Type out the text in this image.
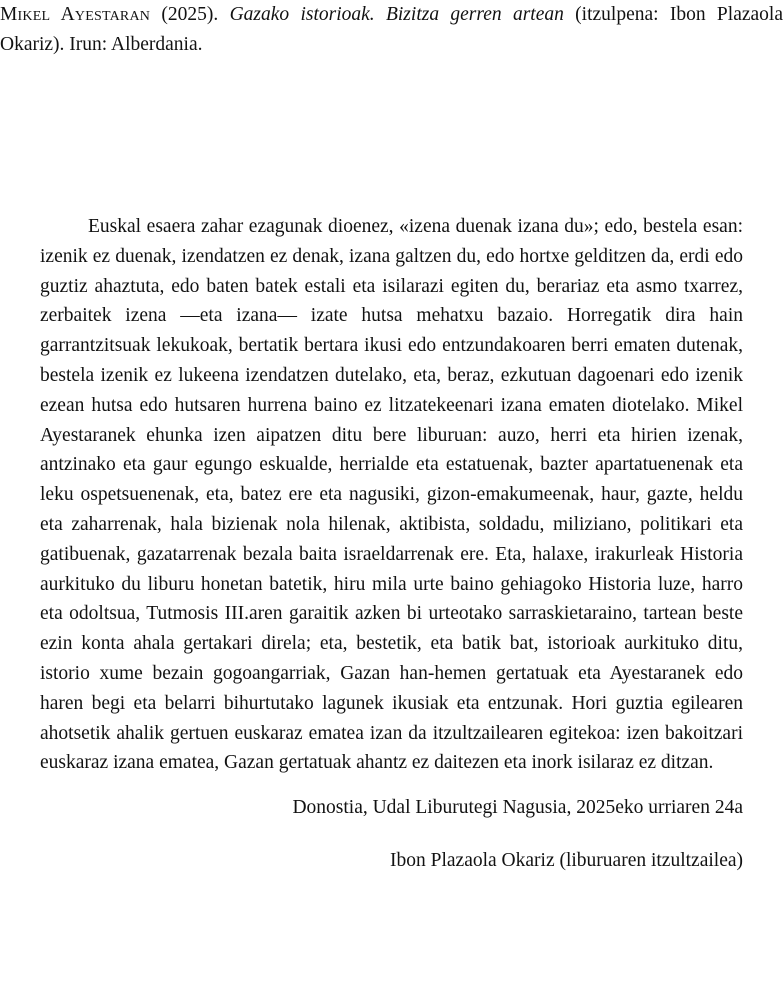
Mikel Ayestaran (2025). Gazako istorioak. Bizitza gerren artean (itzulpena: Ibon Plazaola Okariz). Irun: Alberdania.

Euskal esaera zahar ezagunak dioenez, «izena duenak izana du»; edo, bestela esan: izenik ez duenak, izendatzen ez denak, izana galtzen du, edo hortxe gelditzen da, erdi edo guztiz ahaztuta, edo baten batek estali eta isilarazi egiten du, berariaz eta asmo txarrez, zerbaitek izena —eta izana— izate hutsa mehatxu bazaio. Horregatik dira hain garrantzitsuak lekukoak, bertatik bertara ikusi edo entzundakoaren berri ematen dutenak, bestela izenik ez lukeena izendatzen dutelako, eta, beraz, ezkutuan dagoenari edo izenik ezean hutsa edo hutsaren hurrena baino ez litzatekeenari izana ematen diotelako. Mikel Ayestaranek ehunka izen aipatzen ditu bere liburuan: auzo, herri eta hirien izenak, antzinako eta gaur egungo eskualde, herrialde eta estatuenak, bazter apartatuenenak eta leku ospetsuenenak, eta, batez ere eta nagusiki, gizon-emakumeenak, haur, gazte, heldu eta zaharrenak, hala bizienak nola hilenak, aktibista, soldadu, miliziano, politikari eta gatibuenak, gazatarrenak bezala baita israeldarrenak ere. Eta, halaxe, irakurleak Historia aurkituko du liburu honetan batetik, hiru mila urte baino gehiagoko Historia luze, harro eta odoltsua, Tutmosis III.aren garaitik azken bi urteotako sarraskietaraino, tartean beste ezin konta ahala gertakari direla; eta, bestetik, eta batik bat, istorioak aurkituko ditu, istorio xume bezain gogoangarriak, Gazan han-hemen gertatuak eta Ayestaranek edo haren begi eta belarri bihurtutako lagunek ikusiak eta entzunak. Hori guztia egilearen ahotsetik ahalik gertuen euskaraz ematea izan da itzultzailearen egitekoa: izen bakoitzari euskaraz izana ematea, Gazan gertatuak ahantz ez daitezen eta inork isilaraz ez ditzan.

Donostia, Udal Liburutegi Nagusia, 2025eko urriaren 24a

Ibon Plazaola Okariz (liburuaren itzultzailea)
